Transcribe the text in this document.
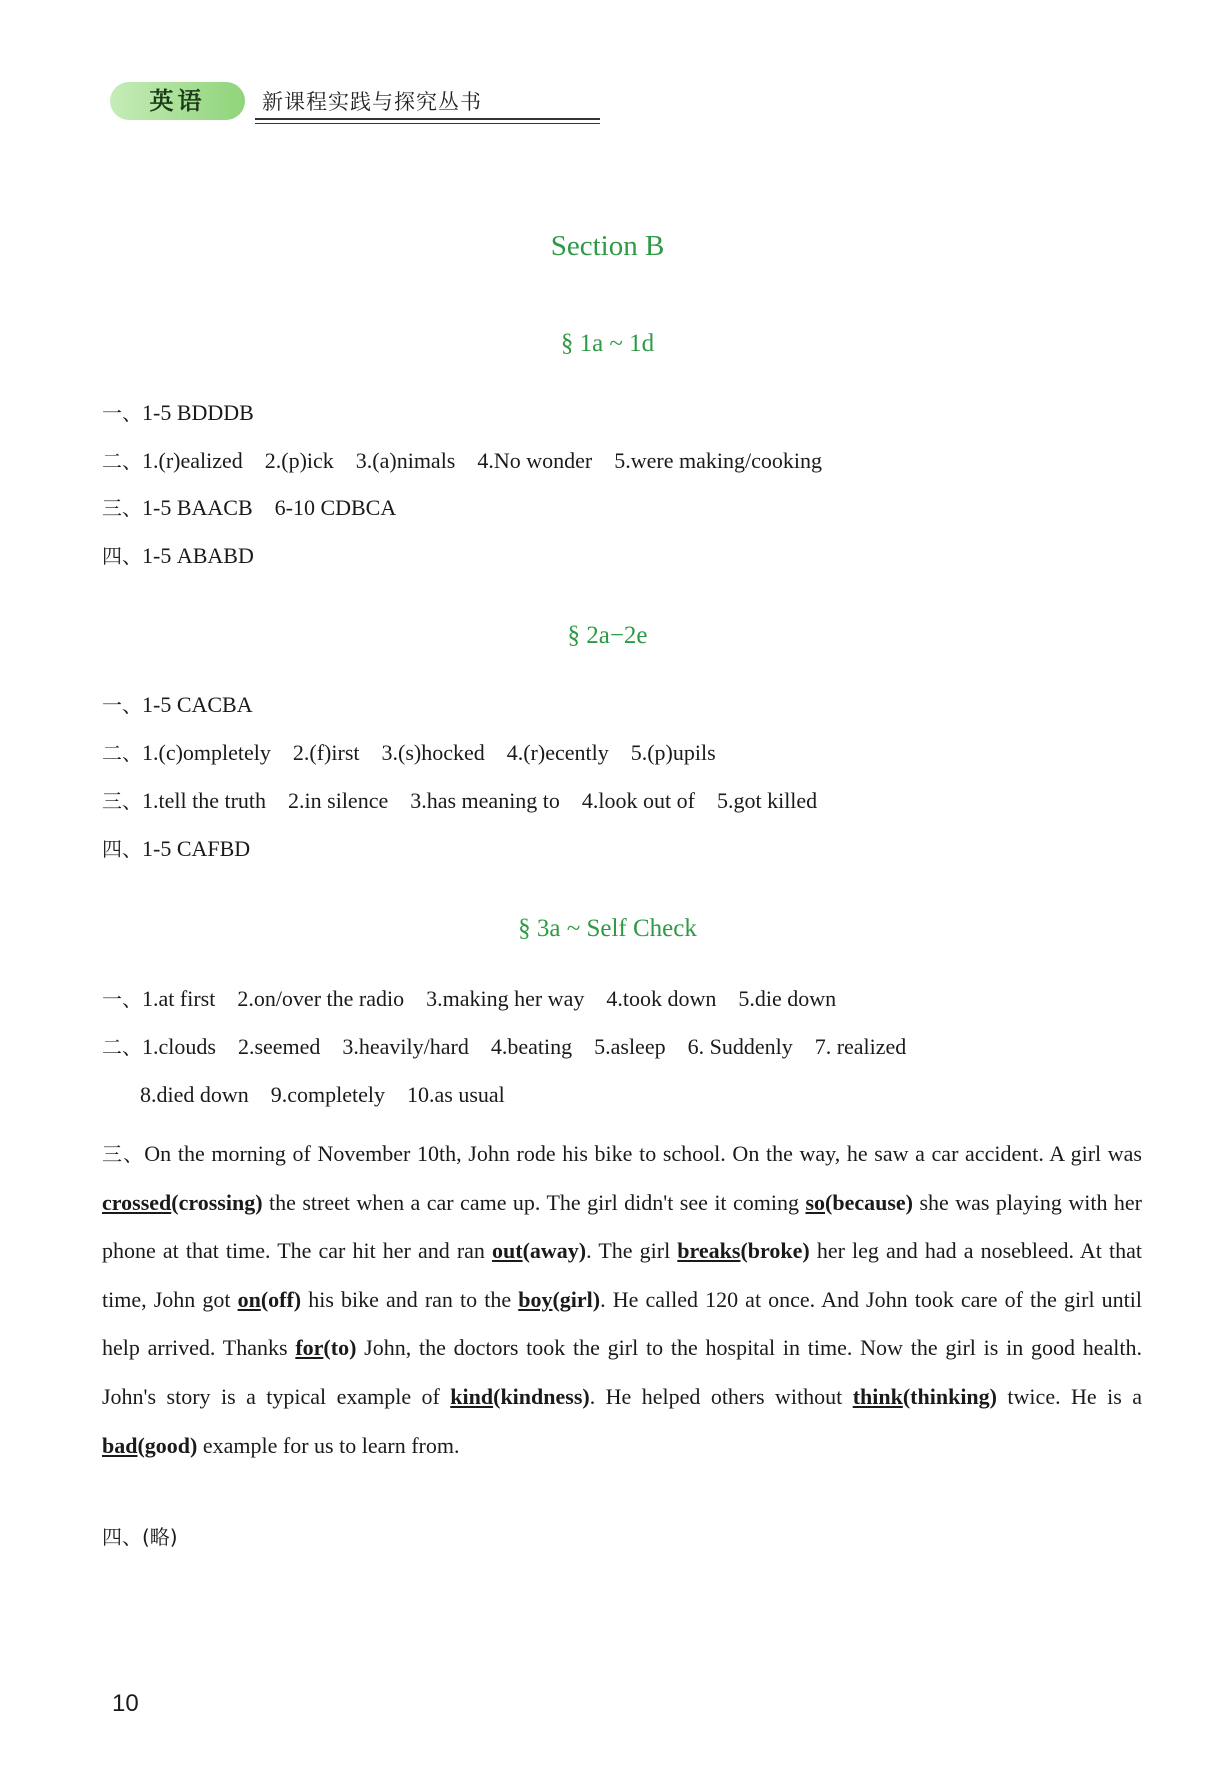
英语	新课程实践与探究丛书
Section B
§ 1a ~ 1d
一、1-5 BDDDB
二、1.(r)ealized    2.(p)ick    3.(a)nimals    4.No wonder    5.were making/cooking
三、1-5 BAACB    6-10 CDBCA
四、1-5 ABABD
§ 2a−2e
一、1-5 CACBA
二、1.(c)ompletely    2.(f)irst    3.(s)hocked    4.(r)ecently    5.(p)upils
三、1.tell the truth    2.in silence    3.has meaning to    4.look out of    5.got killed
四、1-5 CAFBD
§ 3a ~ Self Check
一、1.at first    2.on/over the radio    3.making her way    4.took down    5.die down
二、1.clouds    2.seemed    3.heavily/hard    4.beating    5.asleep    6. Suddenly    7. realized
8.died down    9.completely    10.as usual
三、On the morning of November 10th, John rode his bike to school. On the way, he saw a car accident. A girl was crossed(crossing) the street when a car came up. The girl didn't see it coming so(because) she was playing with her phone at that time. The car hit her and ran out(away). The girl breaks(broke) her leg and had a nosebleed. At that time, John got on(off) his bike and ran to the boy(girl). He called 120 at once. And John took care of the girl until help arrived. Thanks for(to) John, the doctors took the girl to the hospital in time. Now the girl is in good health. John's story is a typical example of kind(kindness). He helped others without think(thinking) twice. He is a bad(good) example for us to learn from.
四、(略)
10
